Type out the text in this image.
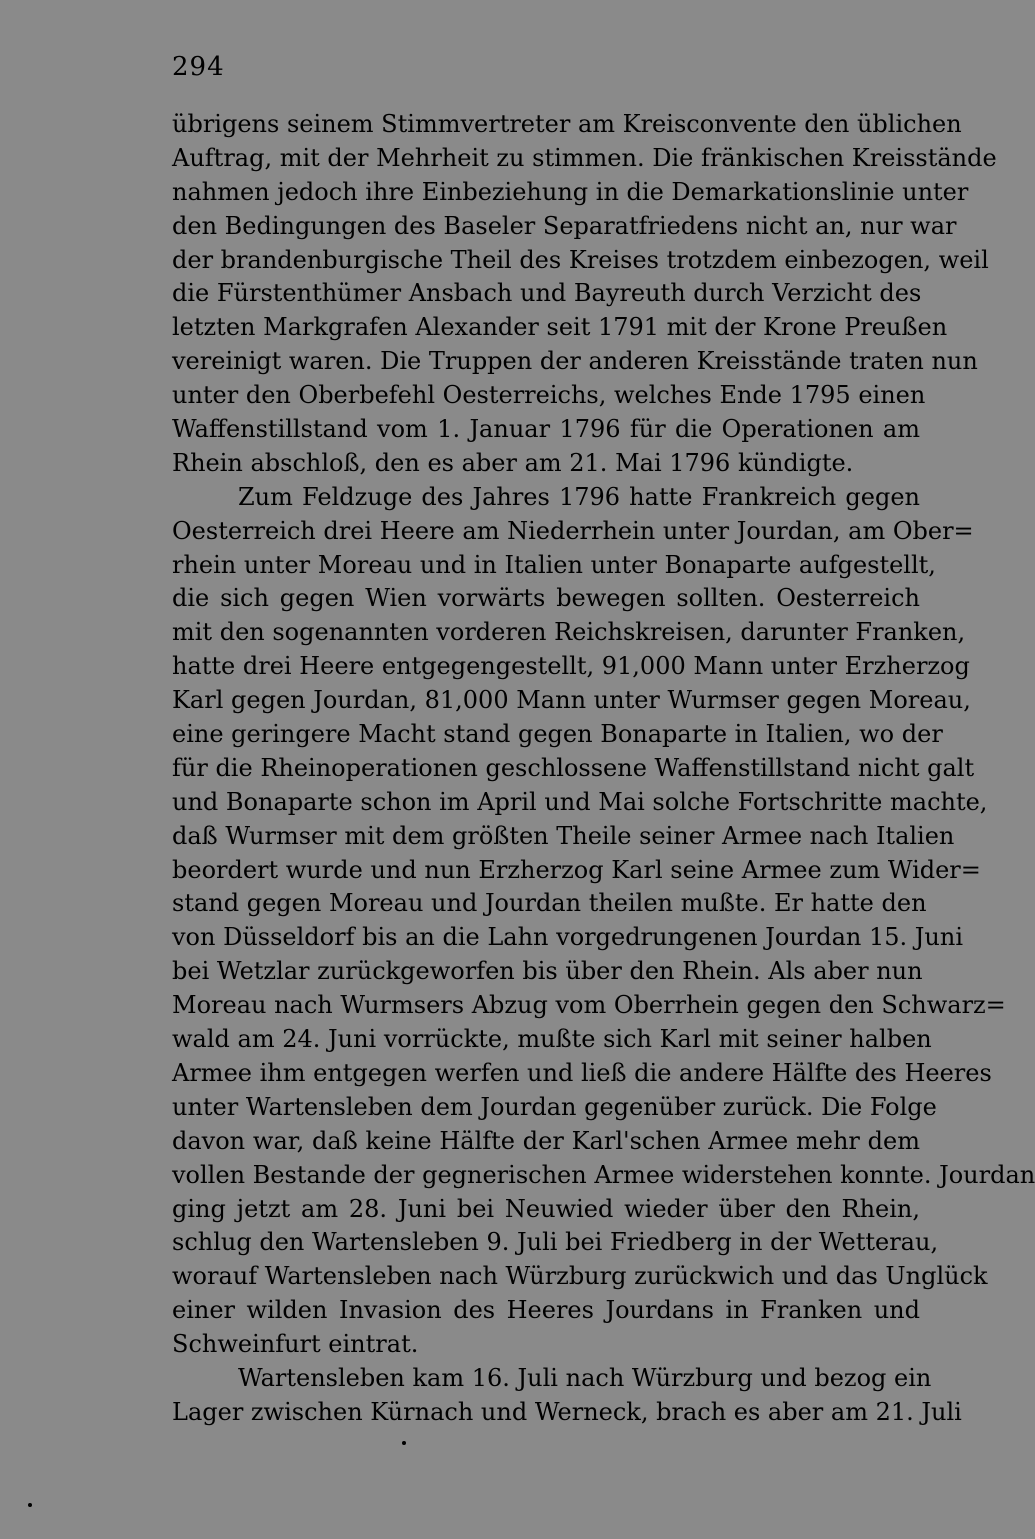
294
übrigens seinem Stimmvertreter am Kreisconvente den üblichen
Auftrag, mit der Mehrheit zu stimmen. Die fränkischen Kreisstände
nahmen jedoch ihre Einbeziehung in die Demarkationslinie unter
den Bedingungen des Baseler Separatfriedens nicht an, nur war
der brandenburgische Theil des Kreises trotzdem einbezogen, weil
die Fürstenthümer Ansbach und Bayreuth durch Verzicht des
letzten Markgrafen Alexander seit 1791 mit der Krone Preußen
vereinigt waren. Die Truppen der anderen Kreisstände traten nun
unter den Oberbefehl Oesterreichs, welches Ende 1795 einen
Waffenstillstand vom 1. Januar 1796 für die Operationen am
Rhein abschloß, den es aber am 21. Mai 1796 kündigte.
Zum Feldzuge des Jahres 1796 hatte Frankreich gegen
Oesterreich drei Heere am Niederrhein unter Jourdan, am Ober=
rhein unter Moreau und in Italien unter Bonaparte aufgestellt,
die sich gegen Wien vorwärts bewegen sollten. Oesterreich
mit den sogenannten vorderen Reichskreisen, darunter Franken,
hatte drei Heere entgegengestellt, 91,000 Mann unter Erzherzog
Karl gegen Jourdan, 81,000 Mann unter Wurmser gegen Moreau,
eine geringere Macht stand gegen Bonaparte in Italien, wo der
für die Rheinoperationen geschlossene Waffenstillstand nicht galt
und Bonaparte schon im April und Mai solche Fortschritte machte,
daß Wurmser mit dem größten Theile seiner Armee nach Italien
beordert wurde und nun Erzherzog Karl seine Armee zum Wider=
stand gegen Moreau und Jourdan theilen mußte. Er hatte den
von Düsseldorf bis an die Lahn vorgedrungenen Jourdan 15. Juni
bei Wetzlar zurückgeworfen bis über den Rhein. Als aber nun
Moreau nach Wurmsers Abzug vom Oberrhein gegen den Schwarz=
wald am 24. Juni vorrückte, mußte sich Karl mit seiner halben
Armee ihm entgegen werfen und ließ die andere Hälfte des Heeres
unter Wartensleben dem Jourdan gegenüber zurück. Die Folge
davon war, daß keine Hälfte der Karl'schen Armee mehr dem
vollen Bestande der gegnerischen Armee widerstehen konnte. Jourdan
ging jetzt am 28. Juni bei Neuwied wieder über den Rhein,
schlug den Wartensleben 9. Juli bei Friedberg in der Wetterau,
worauf Wartensleben nach Würzburg zurückwich und das Unglück
einer wilden Invasion des Heeres Jourdans in Franken und
Schweinfurt eintrat.
Wartensleben kam 16. Juli nach Würzburg und bezog ein
Lager zwischen Kürnach und Werneck, brach es aber am 21. Juli
